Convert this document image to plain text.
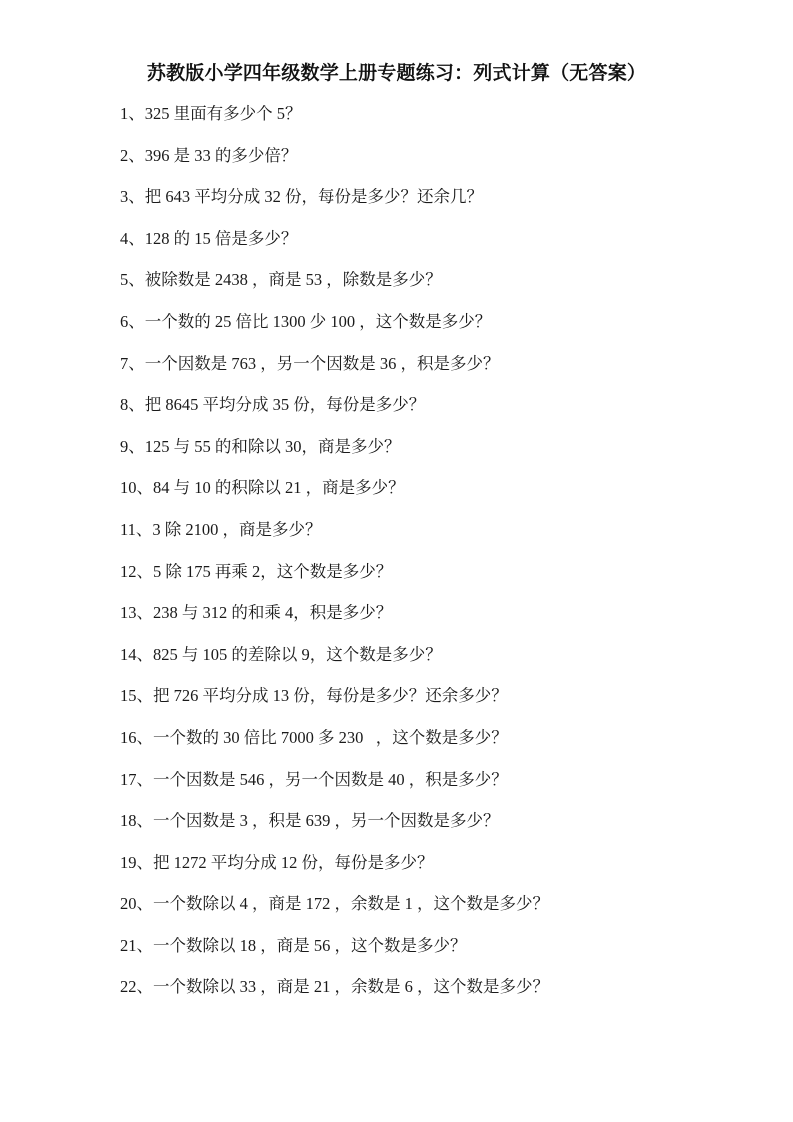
苏教版小学四年级数学上册专题练习：列式计算（无答案）
1、325 里面有多少个 5？
2、396 是 33 的多少倍？
3、把 643 平均分成 32 份，每份是多少？还余几？
4、128 的 15 倍是多少？
5、被除数是 2438 ，商是 53 ，除数是多少？
6、一个数的 25 倍比 1300 少 100 ，这个数是多少？
7、一个因数是 763 ，另一个因数是 36 ，积是多少？
8、把 8645 平均分成 35 份，每份是多少？
9、125 与 55 的和除以 30，商是多少？
10、84 与 10 的积除以 21 ，商是多少？
11、3 除 2100 ，商是多少？
12、5 除 175 再乘 2，这个数是多少？
13、238 与 312 的和乘 4，积是多少？
14、825 与 105 的差除以 9，这个数是多少？
15、把 726 平均分成 13 份，每份是多少？还余多少？
16、一个数的 30 倍比 7000 多 230   ，这个数是多少？
17、一个因数是 546 ，另一个因数是 40 ，积是多少？
18、一个因数是 3 ，积是 639 ，另一个因数是多少？
19、把 1272 平均分成 12 份，每份是多少？
20、一个数除以 4 ，商是 172 ，余数是 1 ，这个数是多少？
21、一个数除以 18 ，商是 56 ，这个数是多少？
22、一个数除以 33 ，商是 21 ，余数是 6 ，这个数是多少？
